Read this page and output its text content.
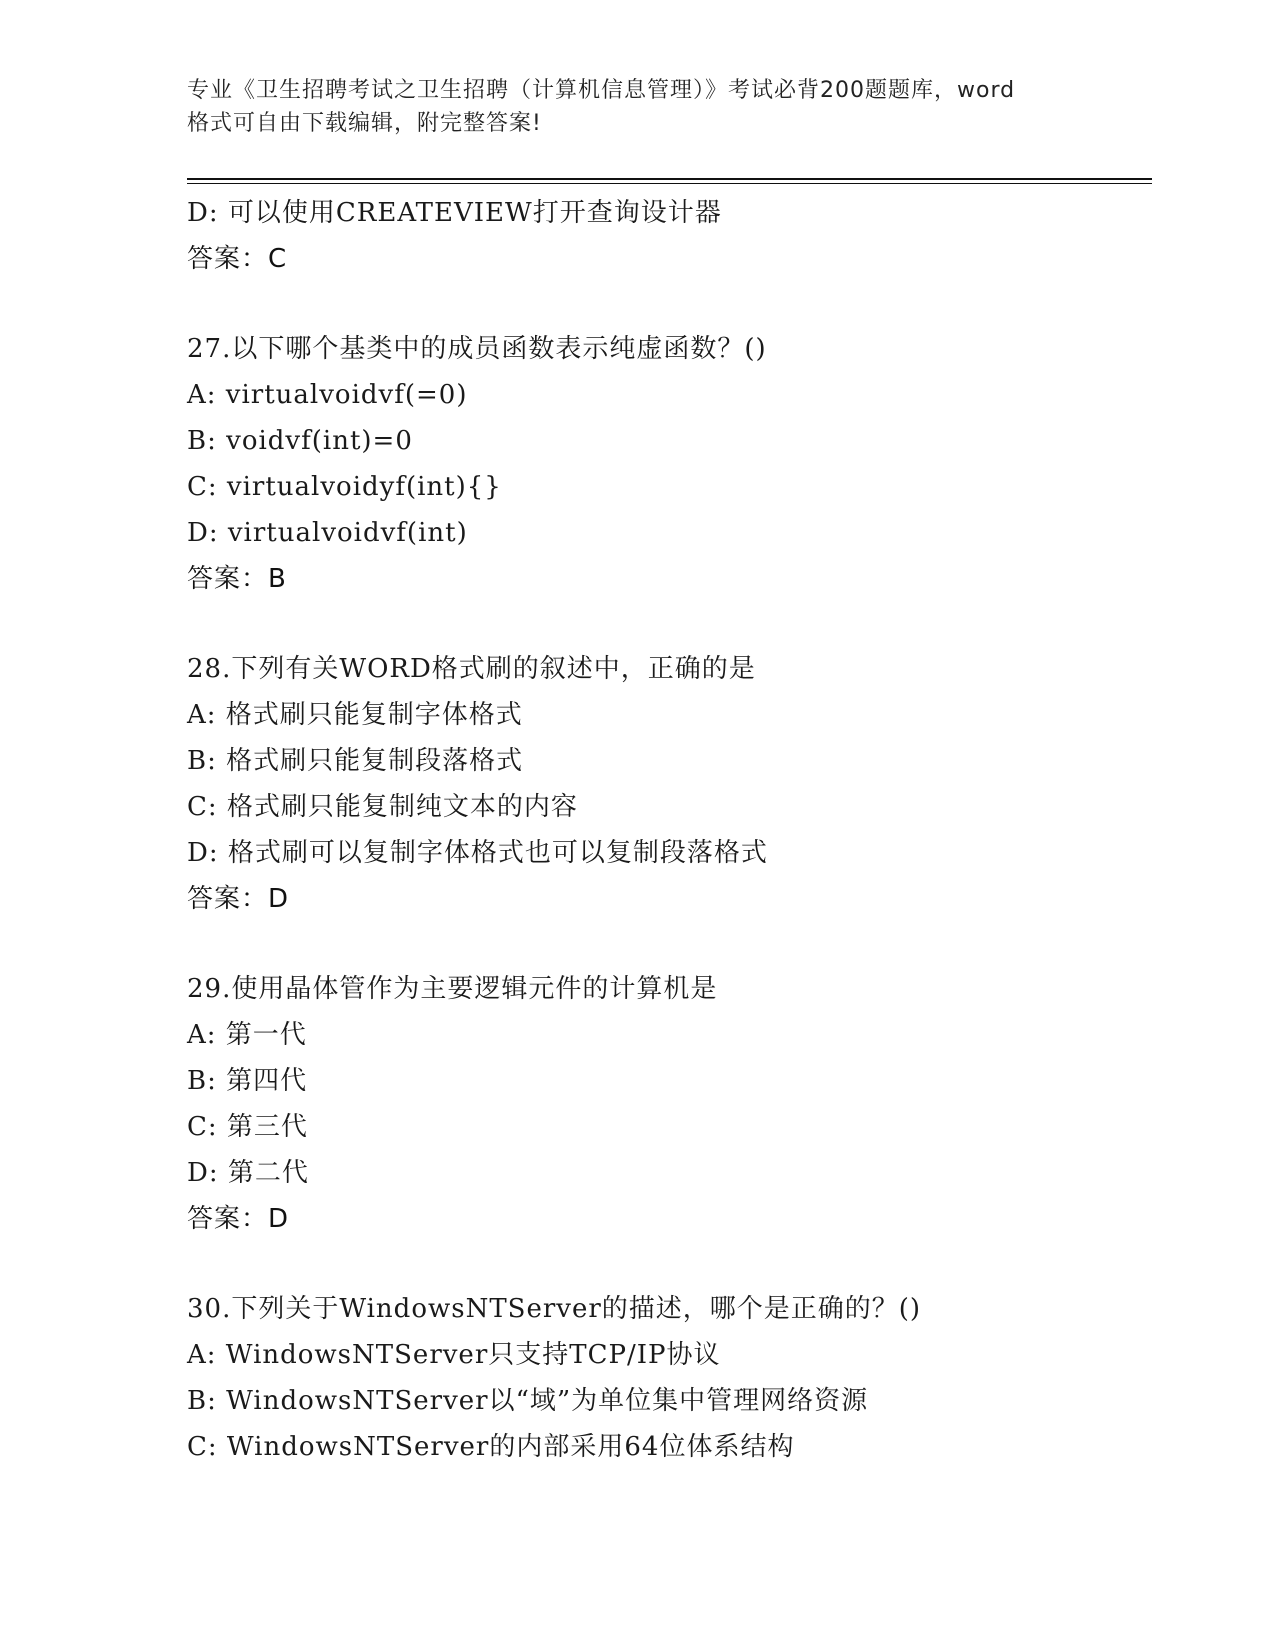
专业《卫生招聘考试之卫生招聘（计算机信息管理）》考试必背200题题库，word
格式可自由下载编辑，附完整答案!
D: 可以使用CREATEVIEW打开查询设计器
答案：C
27.以下哪个基类中的成员函数表示纯虚函数？()
A: virtualvoidvf(=0)
B: voidvf(int)=0
C: virtualvoidyf(int){}
D: virtualvoidvf(int)
答案：B
28.下列有关WORD格式刷的叙述中，正确的是
A: 格式刷只能复制字体格式
B: 格式刷只能复制段落格式
C: 格式刷只能复制纯文本的内容
D: 格式刷可以复制字体格式也可以复制段落格式
答案：D
29.使用晶体管作为主要逻辑元件的计算机是
A: 第一代
B: 第四代
C: 第三代
D: 第二代
答案：D
30.下列关于WindowsNTServer的描述，哪个是正确的？()
A: WindowsNTServer只支持TCP/IP协议
B: WindowsNTServer以“域”为单位集中管理网络资源
C: WindowsNTServer的内部采用64位体系结构
